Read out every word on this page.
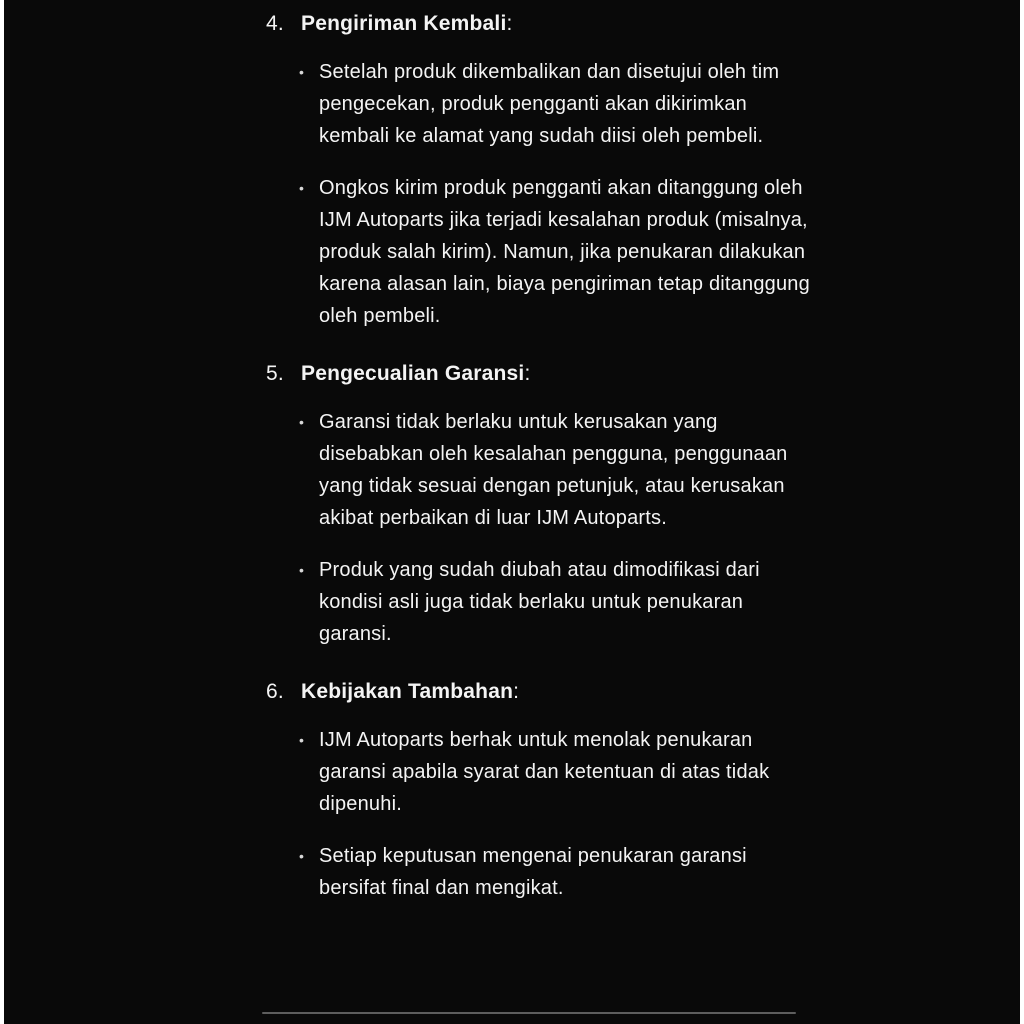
4. Pengiriman Kembali:
• Setelah produk dikembalikan dan disetujui oleh tim pengecekan, produk pengganti akan dikirimkan kembali ke alamat yang sudah diisi oleh pembeli.

• Ongkos kirim produk pengganti akan ditanggung oleh IJM Autoparts jika terjadi kesalahan produk (misalnya, produk salah kirim). Namun, jika penukaran dilakukan karena alasan lain, biaya pengiriman tetap ditanggung oleh pembeli.

5. Pengecualian Garansi:
• Garansi tidak berlaku untuk kerusakan yang disebabkan oleh kesalahan pengguna, penggunaan yang tidak sesuai dengan petunjuk, atau kerusakan akibat perbaikan di luar IJM Autoparts.

• Produk yang sudah diubah atau dimodifikasi dari kondisi asli juga tidak berlaku untuk penukaran garansi.

6. Kebijakan Tambahan:
• IJM Autoparts berhak untuk menolak penukaran garansi apabila syarat dan ketentuan di atas tidak dipenuhi.

• Setiap keputusan mengenai penukaran garansi bersifat final dan mengikat.
